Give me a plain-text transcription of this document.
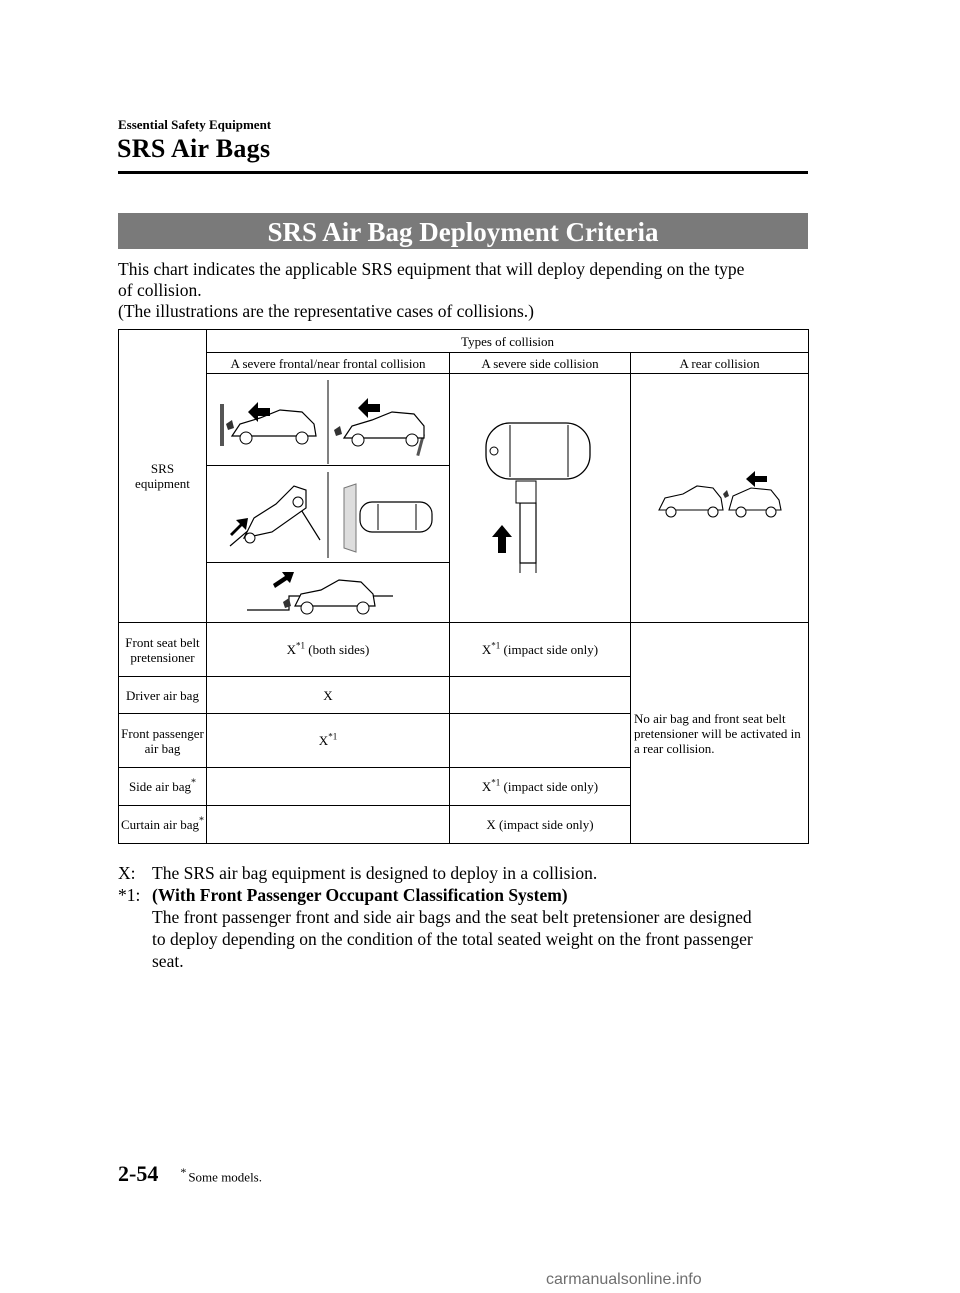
Essential Safety Equipment
SRS Air Bags
SRS Air Bag Deployment Criteria
This chart indicates the applicable SRS equipment that will deploy depending on the type
of collision.
(The illustrations are the representative cases of collisions.)
SRS equipment	Types of collision		
	A severe frontal/near frontal collision	A severe side collision	A rear collision

Front seat belt pretensioner	$X^{*1}$ (both sides)	$X^{*1}$ (impact side only)	No air bag and front seat belt pretensioner will be activated in a rear collision.
Driver air bag	X		
Front passenger air bag	$X^{*1}$	
Side air bag*		$X^{*1}$ (impact side only)	
Curtain air bag*		X (impact side only)	
X: The SRS air bag equipment is designed to deploy in a collision.
*1: (With Front Passenger Occupant Classification System)
The front passenger front and side air bags and the seat belt pretensioner are designed
to deploy depending on the condition of the total seated weight on the front passenger
seat.
2-54 * Some models.
carmanualsonline.info
